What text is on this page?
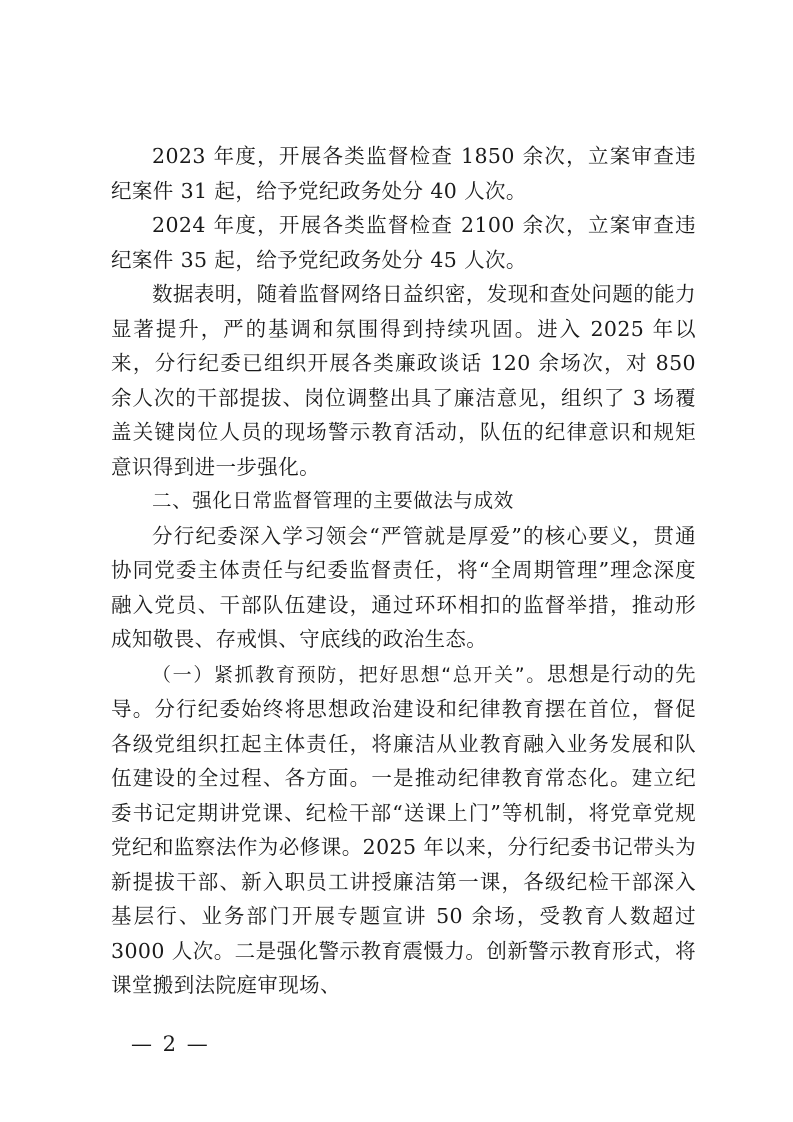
2023 年度，开展各类监督检查 1850 余次，立案审查违纪案件 31 起，给予党纪政务处分 40 人次。

2024 年度，开展各类监督检查 2100 余次，立案审查违纪案件 35 起，给予党纪政务处分 45 人次。

数据表明，随着监督网络日益织密，发现和查处问题的能力显著提升，严的基调和氛围得到持续巩固。进入 2025 年以来，分行纪委已组织开展各类廉政谈话 120 余场次，对 850 余人次的干部提拔、岗位调整出具了廉洁意见，组织了 3 场覆盖关键岗位人员的现场警示教育活动，队伍的纪律意识和规矩意识得到进一步强化。

二、强化日常监督管理的主要做法与成效

分行纪委深入学习领会“严管就是厚爱”的核心要义，贯通协同党委主体责任与纪委监督责任，将“全周期管理”理念深度融入党员、干部队伍建设，通过环环相扣的监督举措，推动形成知敬畏、存戒惧、守底线的政治生态。

（一）紧抓教育预防，把好思想“总开关”。思想是行动的先导。分行纪委始终将思想政治建设和纪律教育摆在首位，督促各级党组织扛起主体责任，将廉洁从业教育融入业务发展和队伍建设的全过程、各方面。一是推动纪律教育常态化。建立纪委书记定期讲党课、纪检干部“送课上门”等机制，将党章党规党纪和监察法作为必修课。2025 年以来，分行纪委书记带头为新提拔干部、新入职员工讲授廉洁第一课，各级纪检干部深入基层行、业务部门开展专题宣讲 50 余场，受教育人数超过 3000 人次。二是强化警示教育震慑力。创新警示教育形式，将课堂搬到法院庭审现场、

— 2 —
